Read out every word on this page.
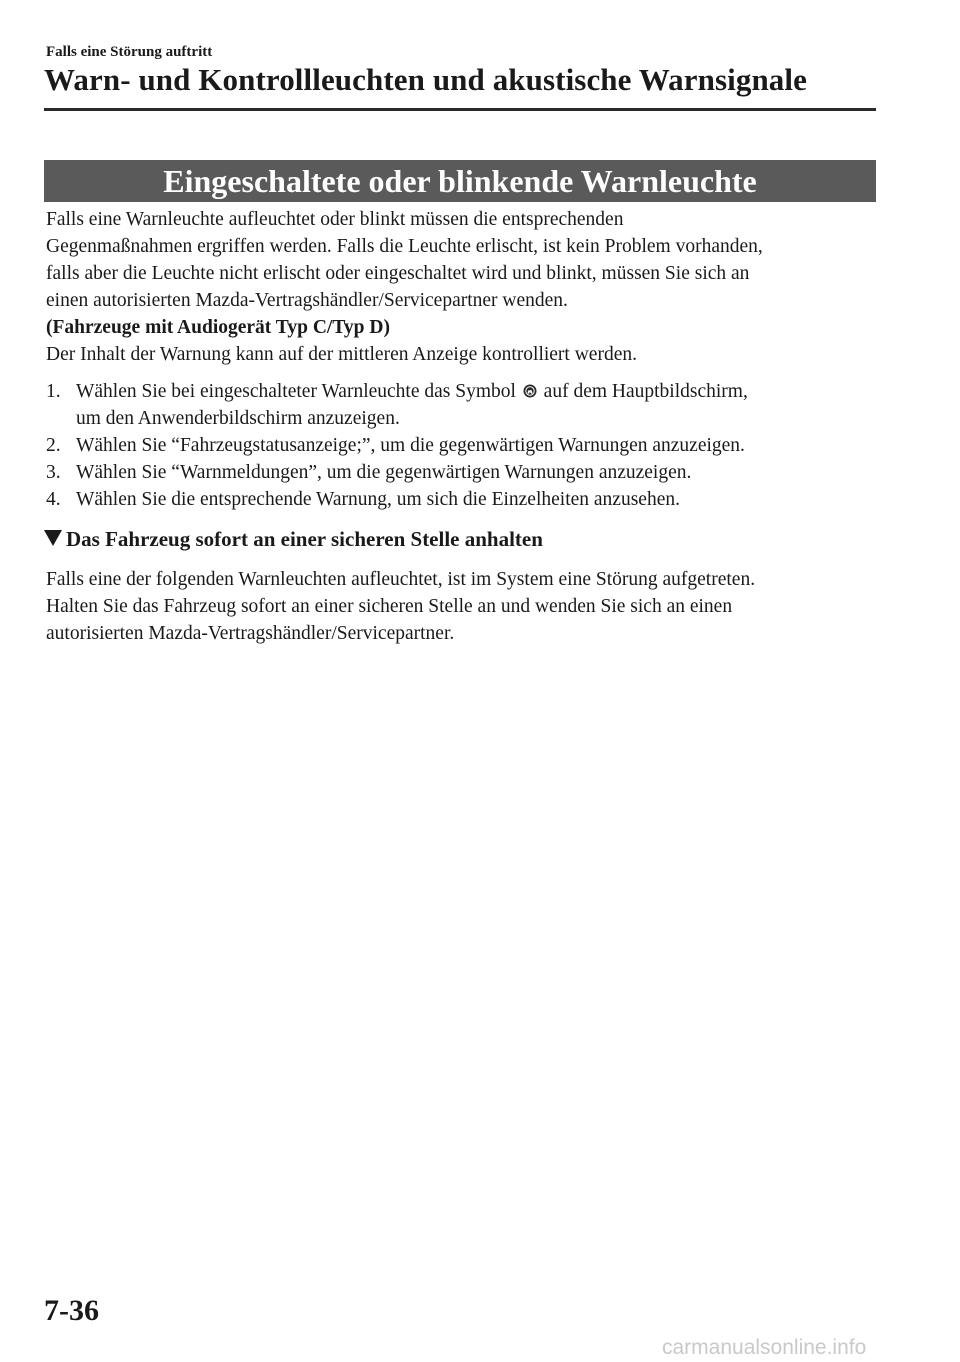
Falls eine Störung auftritt
Warn- und Kontrollleuchten und akustische Warnsignale
Eingeschaltete oder blinkende Warnleuchte

Falls eine Warnleuchte aufleuchtet oder blinkt müssen die entsprechenden

Gegenmaßnahmen ergriffen werden. Falls die Leuchte erlischt, ist kein Problem vorhanden,

falls aber die Leuchte nicht erlischt oder eingeschaltet wird und blinkt, müssen Sie sich an

einen autorisierten Mazda-Vertragshändler/Servicepartner wenden.

(Fahrzeuge mit Audiogerät Typ C/Typ D)

Der Inhalt der Warnung kann auf der mittleren Anzeige kontrolliert werden.

1. Wählen Sie bei eingeschalteter Warnleuchte das Symbol auf dem Hauptbildschirm,
um den Anwenderbildschirm anzuzeigen.
2. Wählen Sie “Fahrzeugstatusanzeige;”, um die gegenwärtigen Warnungen anzuzeigen.
3. Wählen Sie “Warnmeldungen”, um die gegenwärtigen Warnungen anzuzeigen.
4. Wählen Sie die entsprechende Warnung, um sich die Einzelheiten anzusehen.
Das Fahrzeug sofort an einer sicheren Stelle anhalten

Falls eine der folgenden Warnleuchten aufleuchtet, ist im System eine Störung aufgetreten.

Halten Sie das Fahrzeug sofort an einer sicheren Stelle an und wenden Sie sich an einen

autorisierten Mazda-Vertragshändler/Servicepartner.

7-36
carmanualsonline.info
